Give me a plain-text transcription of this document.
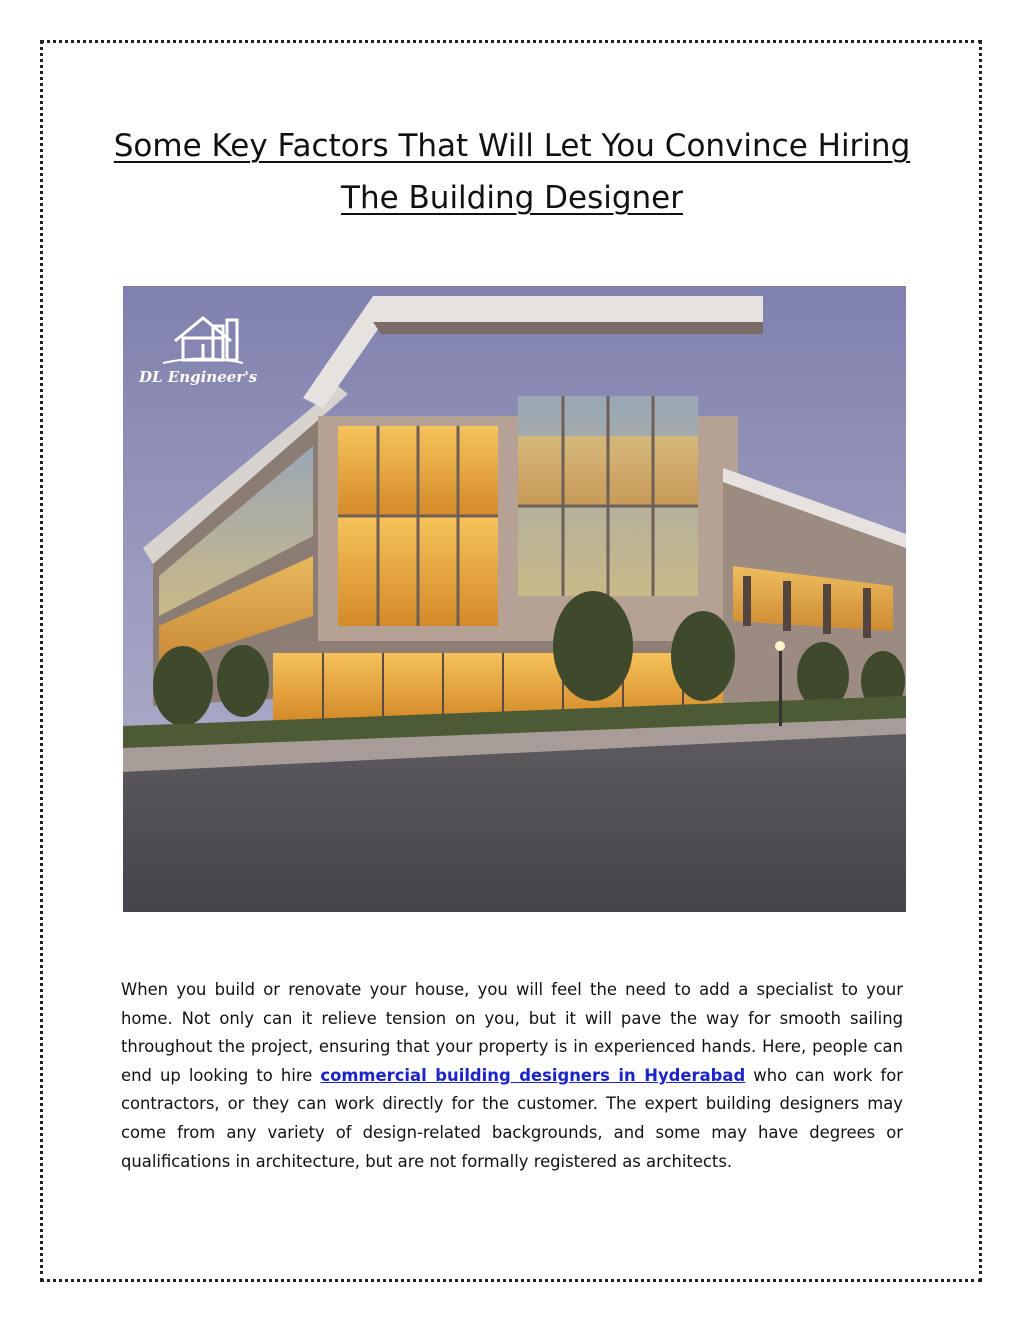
Some Key Factors That Will Let You Convince Hiring
The Building Designer
DL Engineer's
When you build or renovate your house, you will feel the need to add a specialist to your home. Not only can it relieve tension on you, but it will pave the way for smooth sailing throughout the project, ensuring that your property is in experienced hands. Here, people can end up looking to hire commercial building designers in Hyderabad who can work for contractors, or they can work directly for the customer. The expert building designers may come from any variety of design-related backgrounds, and some may have degrees or qualifications in architecture, but are not formally registered as architects.
